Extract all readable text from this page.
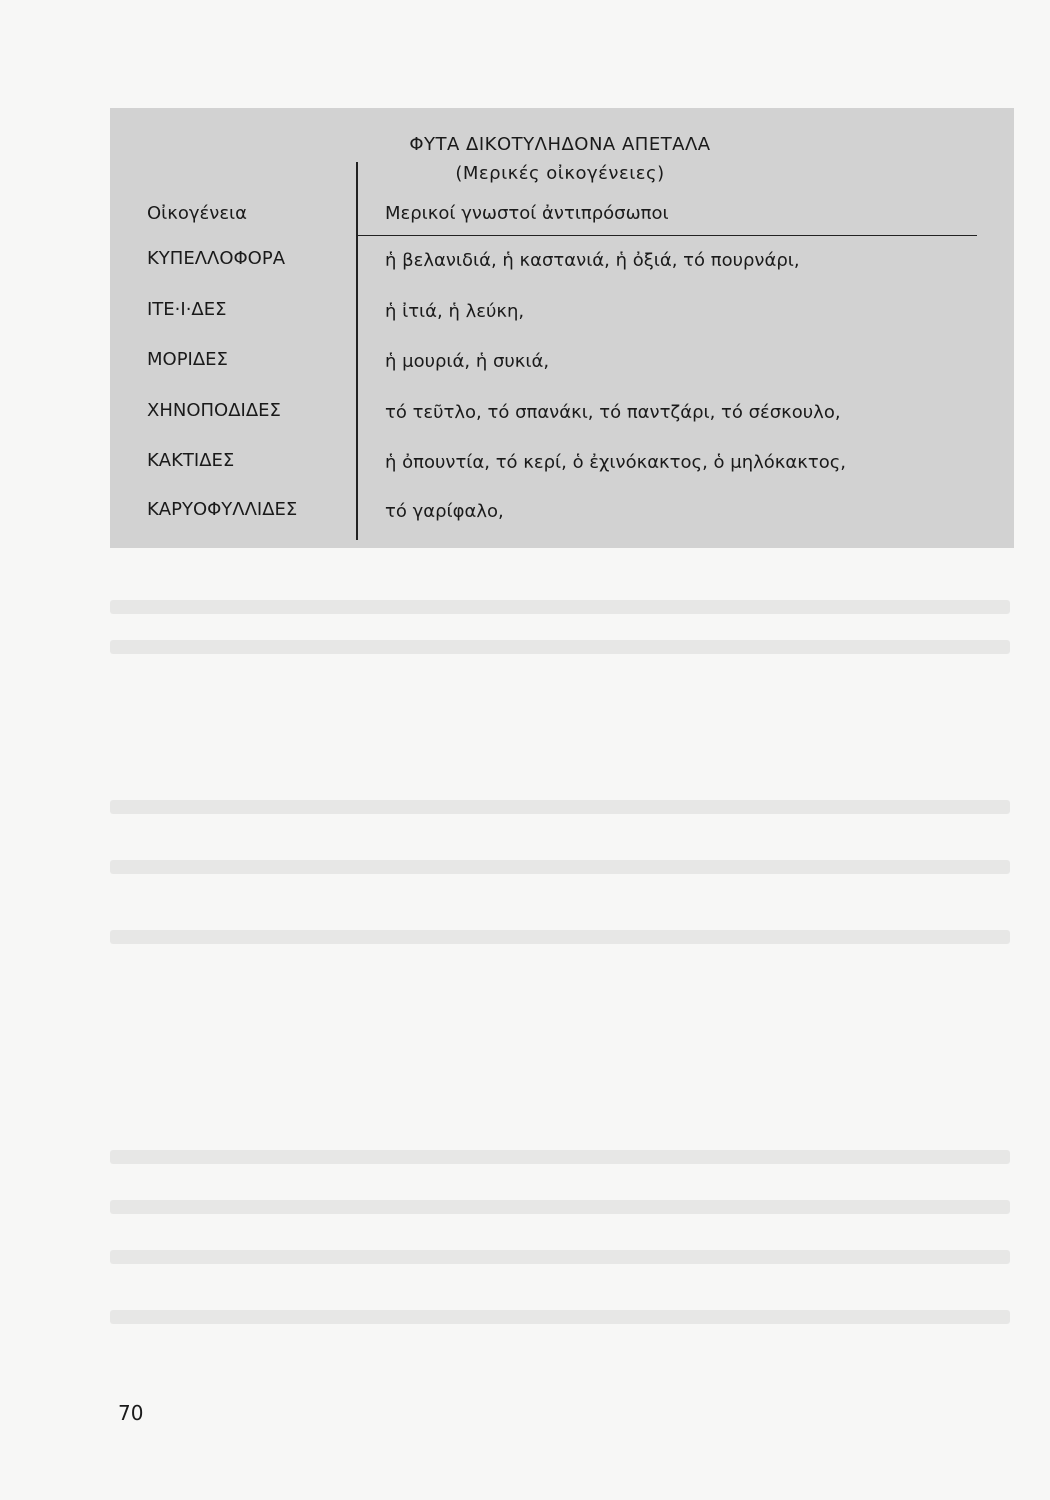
ΦΥΤΑ ΔΙΚΟΤΥΛΗΔΟΝΑ ΑΠΕΤΑΛΑ
(Μερικές οἰκογένειες)
Οἰκογένεια	Μερικοί γνωστοί ἀντιπρόσωποι
ΚΥΠΕΛΛΟΦΟΡΑ	ἡ βελανιδιά, ἡ καστανιά, ἡ ὀξιά, τό πουρνάρι,
ΙΤΕ·Ι·ΔΕΣ	ἡ ἰτιά, ἡ λεύκη,
ΜΟΡΙΔΕΣ	ἡ μουριά, ἡ συκιά,
ΧΗΝΟΠΟΔΙΔΕΣ	τό τεῦτλο, τό σπανάκι, τό παντζάρι, τό σέσκουλο,
ΚΑΚΤΙΔΕΣ	ἡ ὀπουντία, τό κερί, ὁ ἐχινόκακτος, ὁ μηλόκακτος,
ΚΑΡΥΟΦΥΛΛΙΔΕΣ	τό γαρίφαλο,
70
